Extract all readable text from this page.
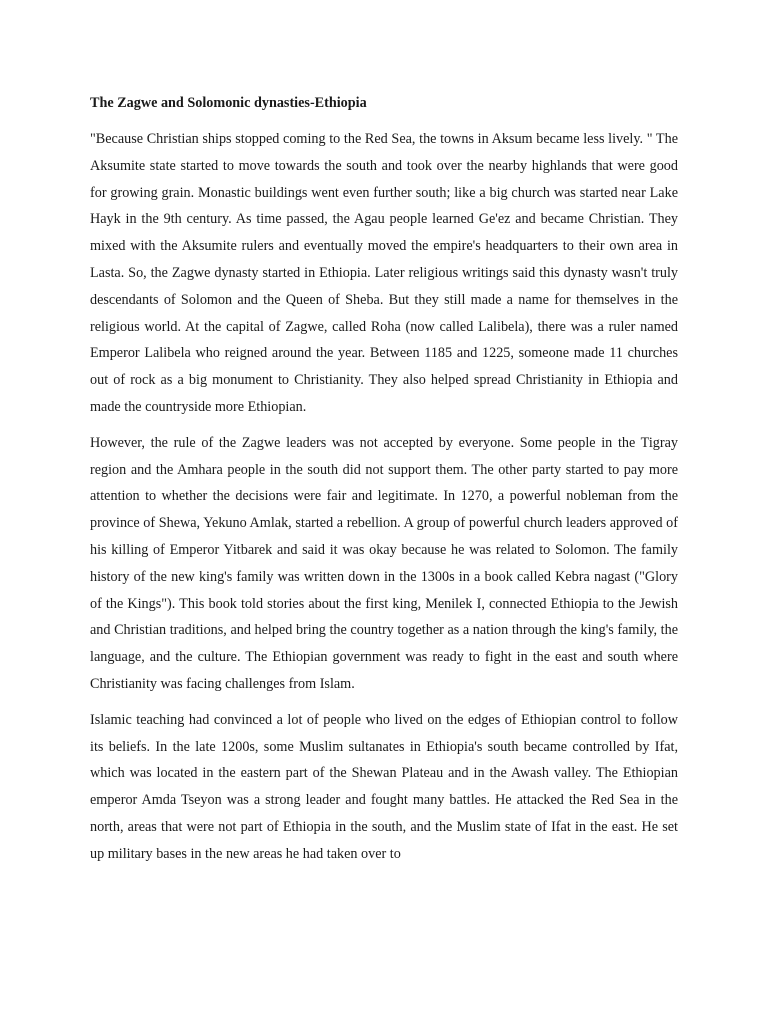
The Zagwe and Solomonic dynasties-Ethiopia

"Because Christian ships stopped coming to the Red Sea, the towns in Aksum became less lively. " The Aksumite state started to move towards the south and took over the nearby highlands that were good for growing grain. Monastic buildings went even further south; like a big church was started near Lake Hayk in the 9th century. As time passed, the Agau people learned Ge'ez and became Christian. They mixed with the Aksumite rulers and eventually moved the empire's headquarters to their own area in Lasta. So, the Zagwe dynasty started in Ethiopia. Later religious writings said this dynasty wasn't truly descendants of Solomon and the Queen of Sheba. But they still made a name for themselves in the religious world. At the capital of Zagwe, called Roha (now called Lalibela), there was a ruler named Emperor Lalibela who reigned around the year. Between 1185 and 1225, someone made 11 churches out of rock as a big monument to Christianity. They also helped spread Christianity in Ethiopia and made the countryside more Ethiopian.

However, the rule of the Zagwe leaders was not accepted by everyone. Some people in the Tigray region and the Amhara people in the south did not support them. The other party started to pay more attention to whether the decisions were fair and legitimate. In 1270, a powerful nobleman from the province of Shewa, Yekuno Amlak, started a rebellion. A group of powerful church leaders approved of his killing of Emperor Yitbarek and said it was okay because he was related to Solomon. The family history of the new king's family was written down in the 1300s in a book called Kebra nagast ("Glory of the Kings"). This book told stories about the first king, Menilek I, connected Ethiopia to the Jewish and Christian traditions, and helped bring the country together as a nation through the king's family, the language, and the culture. The Ethiopian government was ready to fight in the east and south where Christianity was facing challenges from Islam.

Islamic teaching had convinced a lot of people who lived on the edges of Ethiopian control to follow its beliefs. In the late 1200s, some Muslim sultanates in Ethiopia's south became controlled by Ifat, which was located in the eastern part of the Shewan Plateau and in the Awash valley. The Ethiopian emperor Amda Tseyon was a strong leader and fought many battles. He attacked the Red Sea in the north, areas that were not part of Ethiopia in the south, and the Muslim state of Ifat in the east. He set up military bases in the new areas he had taken over to
